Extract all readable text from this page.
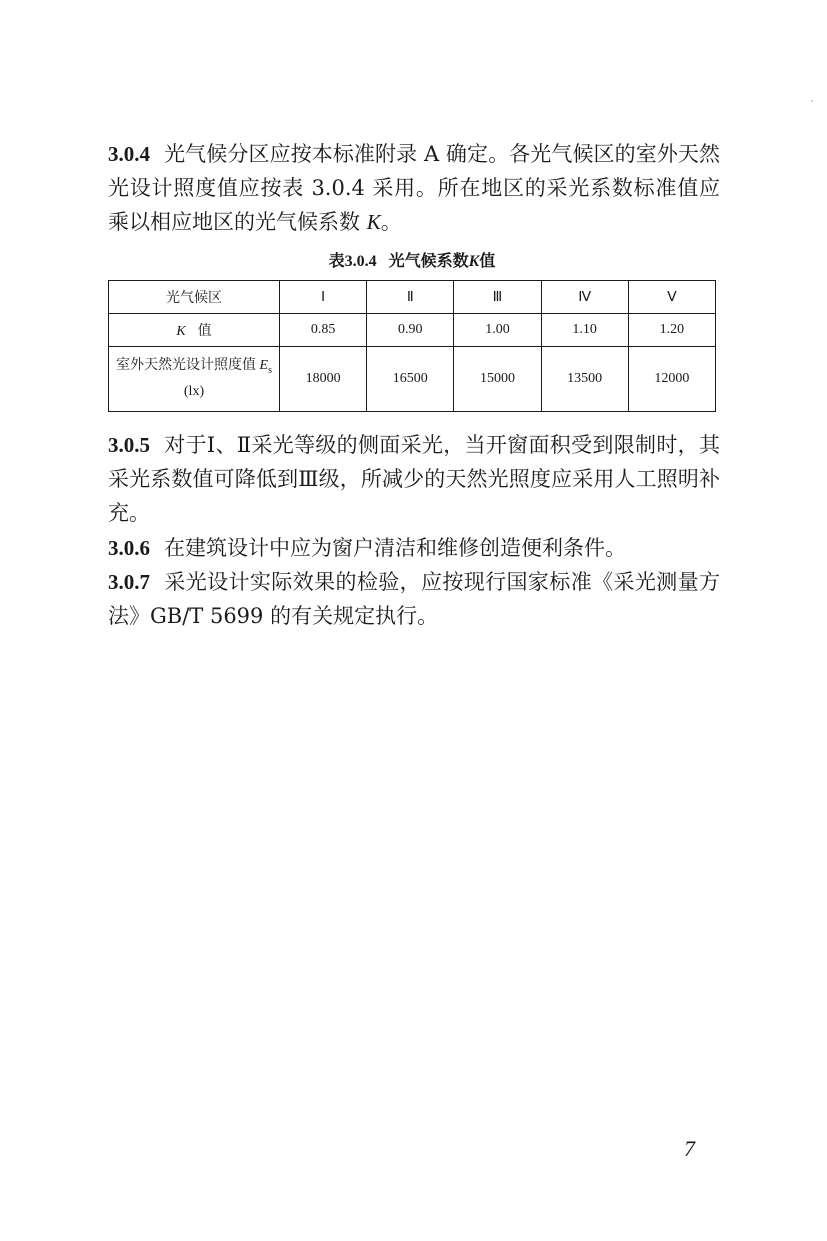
3.0.4 光气候分区应按本标准附录 A 确定。各光气候区的室外天然光设计照度值应按表 3.0.4 采用。所在地区的采光系数标准值应乘以相应地区的光气候系数 K。

表3.0.4 光气候系数K值
光气候区	Ⅰ	Ⅱ	Ⅲ	Ⅳ	Ⅴ
K 值	0.85	0.90	1.00	1.10	1.20

室外天然光设计照度值 $E_s$
(lx)	18000	16500	15000	13500	12000

3.0.5 对于Ⅰ、Ⅱ采光等级的侧面采光，当开窗面积受到限制时，其采光系数值可降低到Ⅲ级，所减少的天然光照度应采用人工照明补充。

3.0.6 在建筑设计中应为窗户清洁和维修创造便利条件。

3.0.7 采光设计实际效果的检验，应按现行国家标准《采光测量方法》GB/T 5699 的有关规定执行。

7
